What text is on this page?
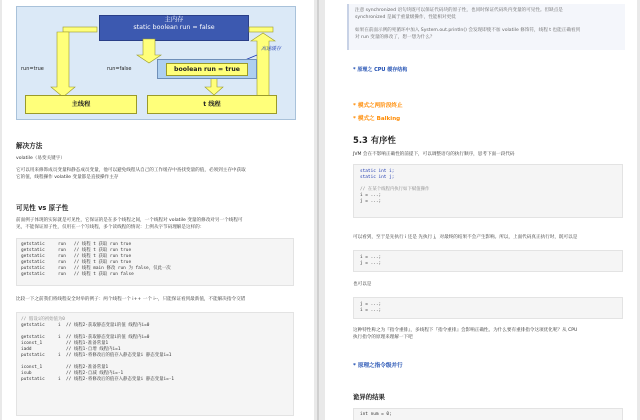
主内存
static boolean run = false
run=true	run=false	boolean run = true
高速缓存
主线程	t 线程
解决方法
volatile（易变关键字）
它可以用来修饰成员变量和静态成员变量，他可以避免线程从自己的工作缓存中查找变量的值，必须到主存中获取
它的值，线程操作 volatile 变量都是直接操作主存
可见性 vs 原子性
前面例子体现的实际就是可见性，它保证的是在多个线程之间，一个线程对 volatile 变量的修改对另一个线程可
见，不能保证原子性，仅用在一个写线程，多个读线程的情况：上例从字节码理解是这样的：
getstatic     run   // 线程 t 获取 run true
getstatic     run   // 线程 t 获取 run true
getstatic     run   // 线程 t 获取 run true
getstatic     run   // 线程 t 获取 run true
putstatic     run   // 线程 main 修改 run 为 false，仅此一次
getstatic     run   // 线程 t 获取 run false
比较一下之前我们将线程安全时举的例子：两个线程一个 i++ 一个 i--，只能保证看到最新值，不能解决指令交错
// 假设i的初始值为0
getstatic     i  // 线程2-获取静态变量i的值 线程内i=0
getstatic     i  // 线程1-获取静态变量i的值 线程内i=0
iconst_1         // 线程1-准备常量1
iadd             // 线程1-自增 线程内i=1
putstatic     i  // 线程1-将修改后的值存入静态变量i 静态变量i=1
iconst_1         // 线程2-准备常量1
isub             // 线程2-自减 线程内i=-1
putstatic     i  // 线程2-将修改后的值存入静态变量i 静态变量i=-1
注意 synchronized 语句块既可以保证代码块的原子性，也同时保证代码块内变量的可见性。但缺点是
synchronized 是属于重量级操作，性能相对更低
如果在前面示例的死循环中加入 System.out.println() 会发现即使不加 volatile 修饰符，线程 t 也能正确看到
对 run 变量的修改了，想一想为什么？
* 原理之 CPU 缓存结构
* 模式之两阶段终止
* 模式之 Balking
5.3 有序性
JVM 会在不影响正确性的前提下，可以调整语句的执行顺序，思考下面一段代码
static int i;
static int j;
// 在某个线程内执行如下赋值操作
i = ...;
j = ...;
可以看到，至于是先执行 i 还是 先执行 j，对最终的结果不会产生影响。所以，上面代码真正执行时，既可以是
i = ...;
j = ...;
也可以是
j = ...;
i = ...;
这种特性称之为『指令重排』，多线程下『指令重排』会影响正确性。为什么要有重排指令这项优化呢？从 CPU
执行指令的原理来理解一下吧
* 原理之指令级并行
诡异的结果
int num = 0;
